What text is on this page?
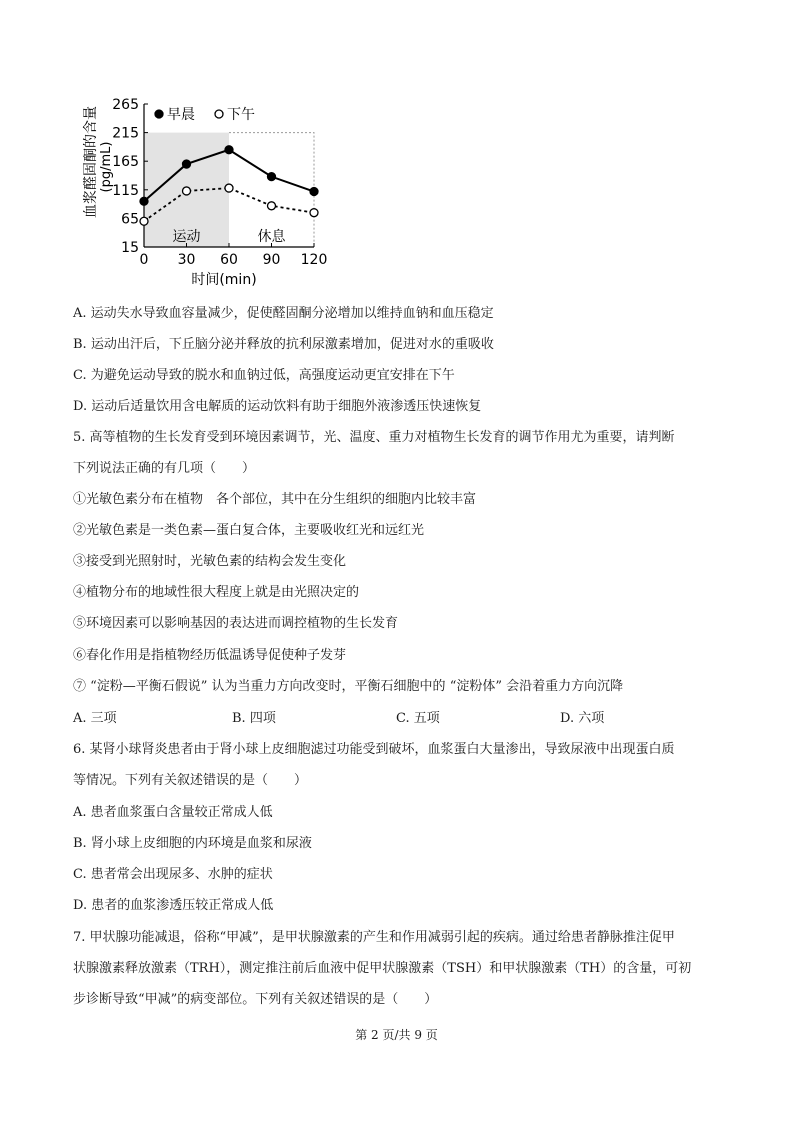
血浆醛固酮的含量 (pg/mL)
运动	休息
15
65
115
165
215
265
0 30 60 90 120
早晨 下午
时间(min)
A. 运动失水导致血容量减少，促使醛固酮分泌增加以维持血钠和血压稳定
B. 运动出汗后，下丘脑分泌并释放的抗利尿激素增加，促进对水的重吸收
C. 为避免运动导致的脱水和血钠过低，高强度运动更宜安排在下午
D. 运动后适量饮用含电解质的运动饮料有助于细胞外液渗透压快速恢复
5. 高等植物的生长发育受到环境因素调节，光、温度、重力对植物生长发育的调节作用尤为重要，请判断
下列说法正确的有几项（　　）
①光敏色素分布在植物　各个部位，其中在分生组织的细胞内比较丰富
②光敏色素是一类色素—蛋白复合体，主要吸收红光和远红光
③接受到光照射时，光敏色素的结构会发生变化
④植物分布的地域性很大程度上就是由光照决定的
⑤环境因素可以影响基因的表达进而调控植物的生长发育
⑥春化作用是指植物经历低温诱导促使种子发芽
⑦ “淀粉—平衡石假说” 认为当重力方向改变时，平衡石细胞中的 “淀粉体” 会沿着重力方向沉降
A. 三项	B. 四项	C. 五项	D. 六项
6. 某肾小球肾炎患者由于肾小球上皮细胞滤过功能受到破坏，血浆蛋白大量渗出，导致尿液中出现蛋白质
等情况。下列有关叙述错误的是（　　）
A. 患者血浆蛋白含量较正常成人低
B. 肾小球上皮细胞的内环境是血浆和尿液
C. 患者常会出现尿多、水肿的症状
D. 患者的血浆渗透压较正常成人低
7. 甲状腺功能减退，俗称“甲减”，是甲状腺激素的产生和作用减弱引起的疾病。通过给患者静脉推注促甲
状腺激素释放激素（TRH），测定推注前后血液中促甲状腺激素（TSH）和甲状腺激素（TH）的含量，可初
步诊断导致“甲减”的病变部位。下列有关叙述错误的是（　　）
第 2 页/共 9 页
